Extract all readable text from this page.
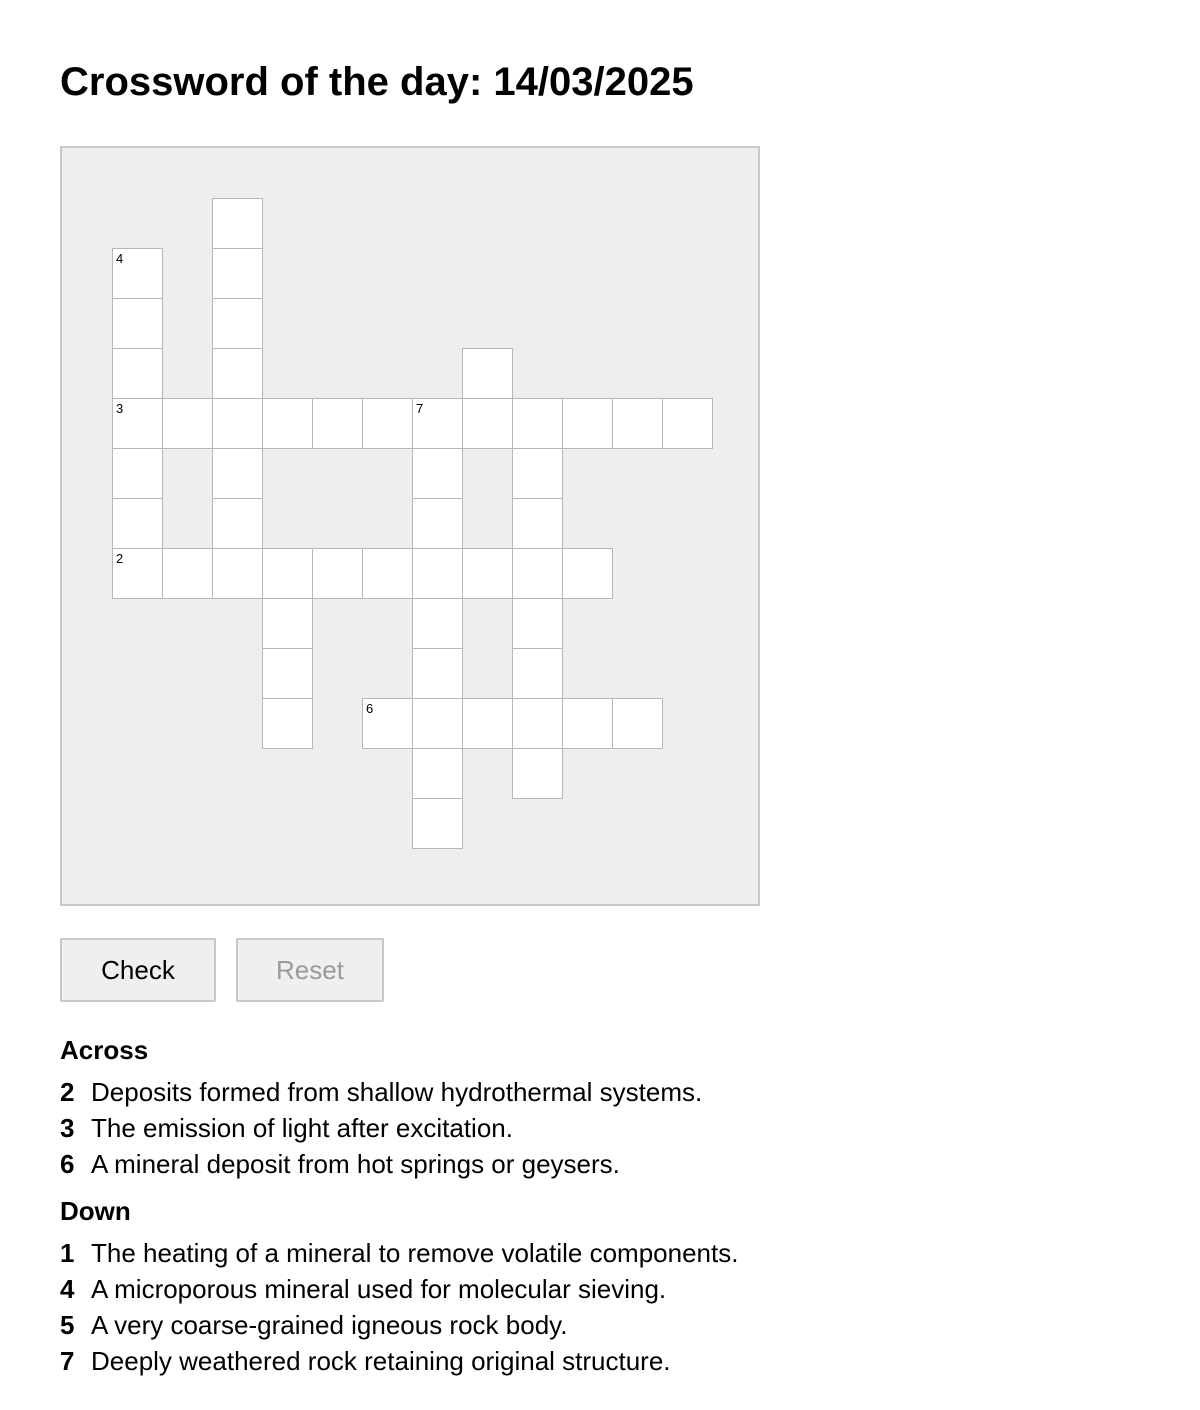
Crossword of the day: 14/03/2025
4
3	7
2
6
Check	Reset
Across
2 Deposits formed from shallow hydrothermal systems.
3 The emission of light after excitation.
6 A mineral deposit from hot springs or geysers.
Down
1 The heating of a mineral to remove volatile components.
4 A microporous mineral used for molecular sieving.
5 A very coarse-grained igneous rock body.
7 Deeply weathered rock retaining original structure.
